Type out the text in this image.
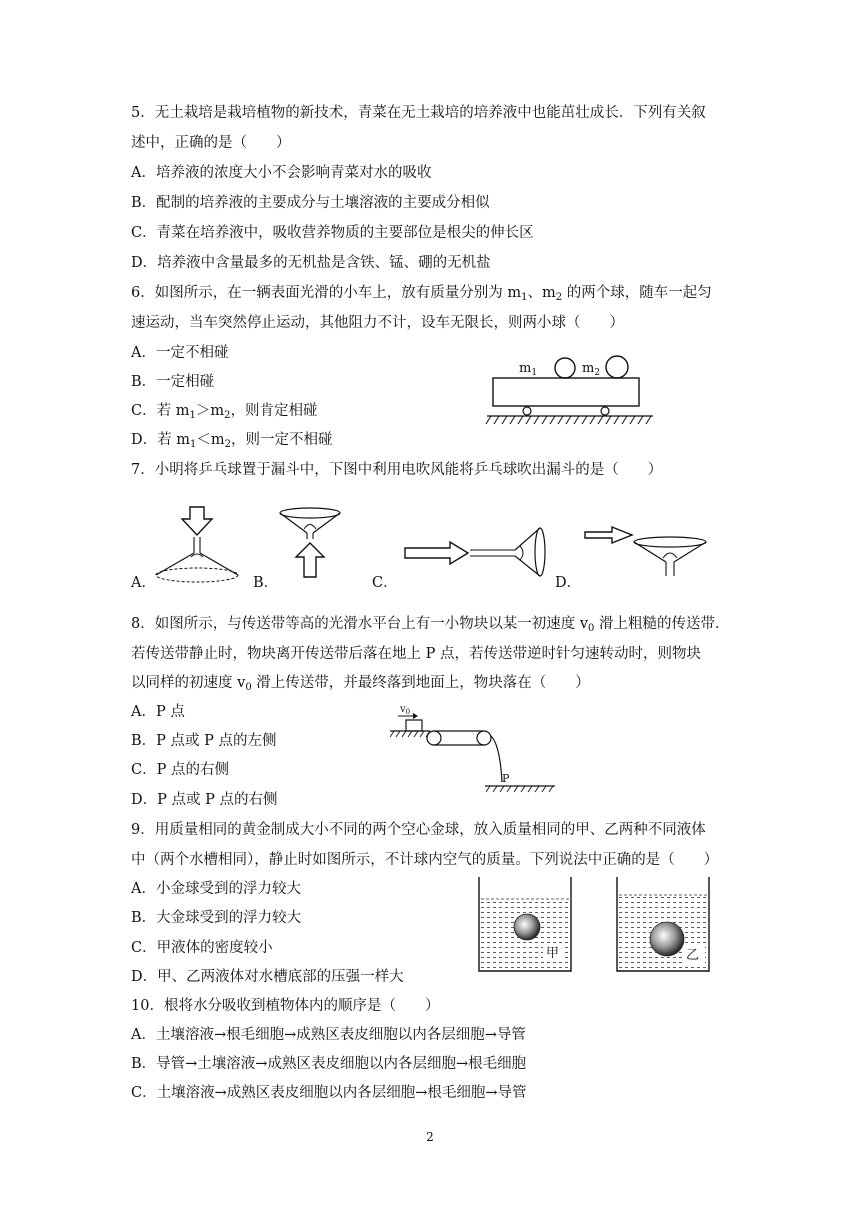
5．无土栽培是栽培植物的新技术，青菜在无土栽培的培养液中也能茁壮成长．下列有关叙
述中，正确的是（　　）
A．培养液的浓度大小不会影响青菜对水的吸收
B．配制的培养液的主要成分与土壤溶液的主要成分相似
C．青菜在培养液中，吸收营养物质的主要部位是根尖的伸长区
D．培养液中含量最多的无机盐是含铁、锰、硼的无机盐
6．如图所示，在一辆表面光滑的小车上，放有质量分别为 $m_1$、$m_2$ 的两个球，随车一起匀
速运动，当车突然停止运动，其他阻力不计，设车无限长，则两小球（　　）
A．一定不相碰
B．一定相碰
C．若 $m_1>m_2$，则肯定相碰
D．若 $m_1<m_2$，则一定不相碰
$m_1$	$m_2$
7．小明将乒乓球置于漏斗中，下图中利用电吹风能将乒乓球吹出漏斗的是（　　）
A．	B．	C．	D．
8．如图所示，与传送带等高的光滑水平台上有一小物块以某一初速度 $v_0$ 滑上粗糙的传送带．
若传送带静止时，物块离开传送带后落在地上 P 点，若传送带逆时针匀速转动时，则物块
以同样的初速度 $v_0$ 滑上传送带，并最终落到地面上，物块落在（　　）
A．P 点
B．P 点或 P 点的左侧
C．P 点的右侧
D．P 点或 P 点的右侧
$v_0$
P
9．用质量相同的黄金制成大小不同的两个空心金球，放入质量相同的甲、乙两种不同液体
中（两个水槽相同），静止时如图所示，不计球内空气的质量。下列说法中正确的是（　　）
A．小金球受到的浮力较大
B．大金球受到的浮力较大
C．甲液体的密度较小
D．甲、乙两液体对水槽底部的压强一样大
甲	乙
10．根将水分吸收到植物体内的顺序是（　　）
A．土壤溶液→根毛细胞→成熟区表皮细胞以内各层细胞→导管
B．导管→土壤溶液→成熟区表皮细胞以内各层细胞→根毛细胞
C．土壤溶液→成熟区表皮细胞以内各层细胞→根毛细胞→导管
2
